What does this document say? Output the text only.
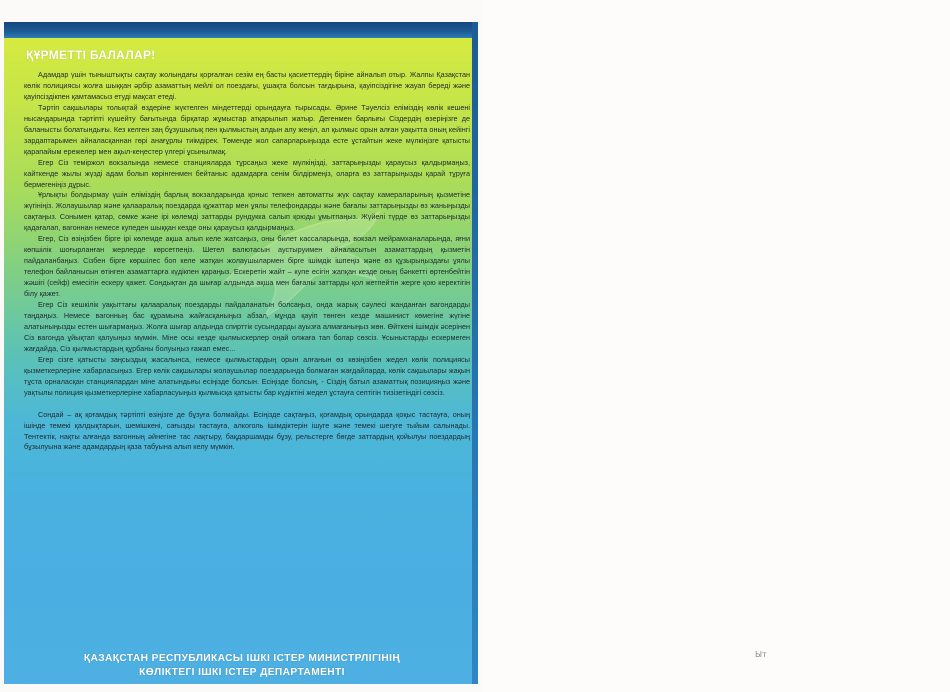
ҚҰРМЕТТІ БАЛАЛАР!

Адамдар үшін тыныштықты сақтау жолындағы қорғалған сезім ең басты қасиеттердің біріне айналып отыр. Жалпы Қазақстан көлік полициясы жолға шыққан әрбір азаматтың мейлі ол поездағы, ұшақта болсын тағдырына, қауіпсіздігіне жауап береді және қауіпсіздікпен қамтамасыз етуді мақсат етеді.

Тәртіп сақшылары толықтай өздеріне жүктелген міндеттерді орындауға тырысады. Әрине Тәуелсіз еліміздің көлік кешені нысандарында тәртіпті күшейту бағытында бірқатар жұмыстар атқарылып жатыр. Дегенмен барлығы Сіздердің өзеріңізге де баланысты болатындығы. Кез келген заң бұзушылық пен қылмыстың алдын алу жеңіл, ал қылмыс орын алған уақытта оның кейінгі зардаптарымен айналасқаннан гөрі анағұрлы тиімдірек. Төменде жол сапарларыңызда есте ұстайтын жеке мүлкіңізге қатысты қарапайым ережелер мен ақыл-кеңестер үлгері ұсынылмақ.

Егер Сіз теміржол вокзалында немесе станцияларда тұрсаңыз жеке мүлкіңізді, заттарыңызды қараусыз қалдырмаңыз, кайткенде жылы жүзді адам болып көрінгенмен бейтаныс адамдарға сенім білдірмеңіз, оларға өз заттарыңызды қарай тұруға бермегеніңіз дұрыс.

Ұрлықты болдырмау үшін еліміздің барлық вокзалдарында қоныс тепкен автоматты жүк сақтау камераларының қызметіне жүгініңіз. Жолаушылар және қалааралық поездарда құжаттар мен ұялы телефондарды және бағалы заттарыңызды өз жаныңызды сақтаңыз. Сонымен қатар, сөмке және ірі көлемді заттарды рундукка салып қоюды ұмытпаңыз. Жүйелі түрде өз заттарыңызды қадағалап, вагоннан немесе купеден шыққан кезде оны қараусыз қалдырмаңыз.

Егер, Сіз өзіңізбен бірге ірі көлемде ақша алып келе жатсаңыз, оны билет кассаларында, вокзал мейрамханаларында, яғни көпшілік шоғырланған жерлерде көрсетпеңіз. Шетел валютасын аустыруимен айналасытын азаматтардың қызметін пайдаланбаңыз. Сізбен бірге көршілес боп келе жатқан жолаушылармен бірге ішімдік ішпеңіз және өз құзырыңыздағы ұялы телефон байланысын өтінген азаматтарға күдікпен қараңыз. Ескеретін жайт – купе есігін жапқан кезде оның бәнкетті өртенбейтін жәшігі (сейф) емесігін ескеру қажет. Сондықтан да шығар алдында ақша мен бағалы заттарды қол жетпейтін жерге қою керектігін білу қажет.

Егер Сіз кешкілік уақыттағы қалааралық поездарды пайдаланатын болсаңыз, онда жарық сәулесі жанданған вагондарды таңдаңыз. Немесе вагонның бас құрамына жайғасқаныңыз абзал, мұнда қауіп төнген кезде машинист көмегіне жүгіне алатыныңызды естен шығармаңыз. Жолға шығар алдында спирттік сусындарды ауызға алмағаныңыз жөн. Өйткені ішімдік әсерінен Сіз вагонда ұйықтап қалуыңыз мүмкін. Міне осы кезде қылмыскерлер оңай олжаға тап болар сөзсіз. Ұсыныстарды ескермеген жағдайда, Сіз қылмыстардың құрбаны болуыңыз ғажап емес...

Егер сізге қатысты заңсыздық жасалынса, немесе қылмыстардың орын алғанын өз көзіңізбен жедел көлік полициясы қызметкерлеріне хабарласыңыз. Егер көлік сақшылары жолаушылар поездарында болмаған жағдайларда, көлік сақшылары жақын тұста орналасқан станциялардан міне алатындығы есіңізде болсын. Есіңізде болсың, - Сіздің батыл азаматтық позицияңыз және уақтылы полиция қызметкерлеріне хабарласуыңыз қылмысқа қатысты бар күдіктіні жедел ұстауға септігін тизізетіндігі сөзсіз.

Сондай – ақ қоғамдық тәртіпті өзіңізге де бұзуға болмайды. Есіңізде сақтаңыз, қоғамдық орындарда қоқыс тастауға, оның ішінде темекі қалдықтарын, шемішкені, сағызды тастауға, алкоголь ішімдіктерін ішуге және темекі шегуге тыйым салынады. Тентектік, нақты алғанда вагонның әйнегіне тас лақтыру, бақдаршамды бұзу, рельстерге бөгде заттардың қойылуы поездардың бұзылуына және адамдардың қаза табуына алып келу мүмкін.

ҚАЗАҚСТАН РЕСПУБЛИКАСЫ ІШКІ ІСТЕР МИНИСТРЛІГІНІҢ
КӨЛІКТЕГІ ІШКІ ІСТЕР ДЕПАРТАМЕНТІ
Ыт
